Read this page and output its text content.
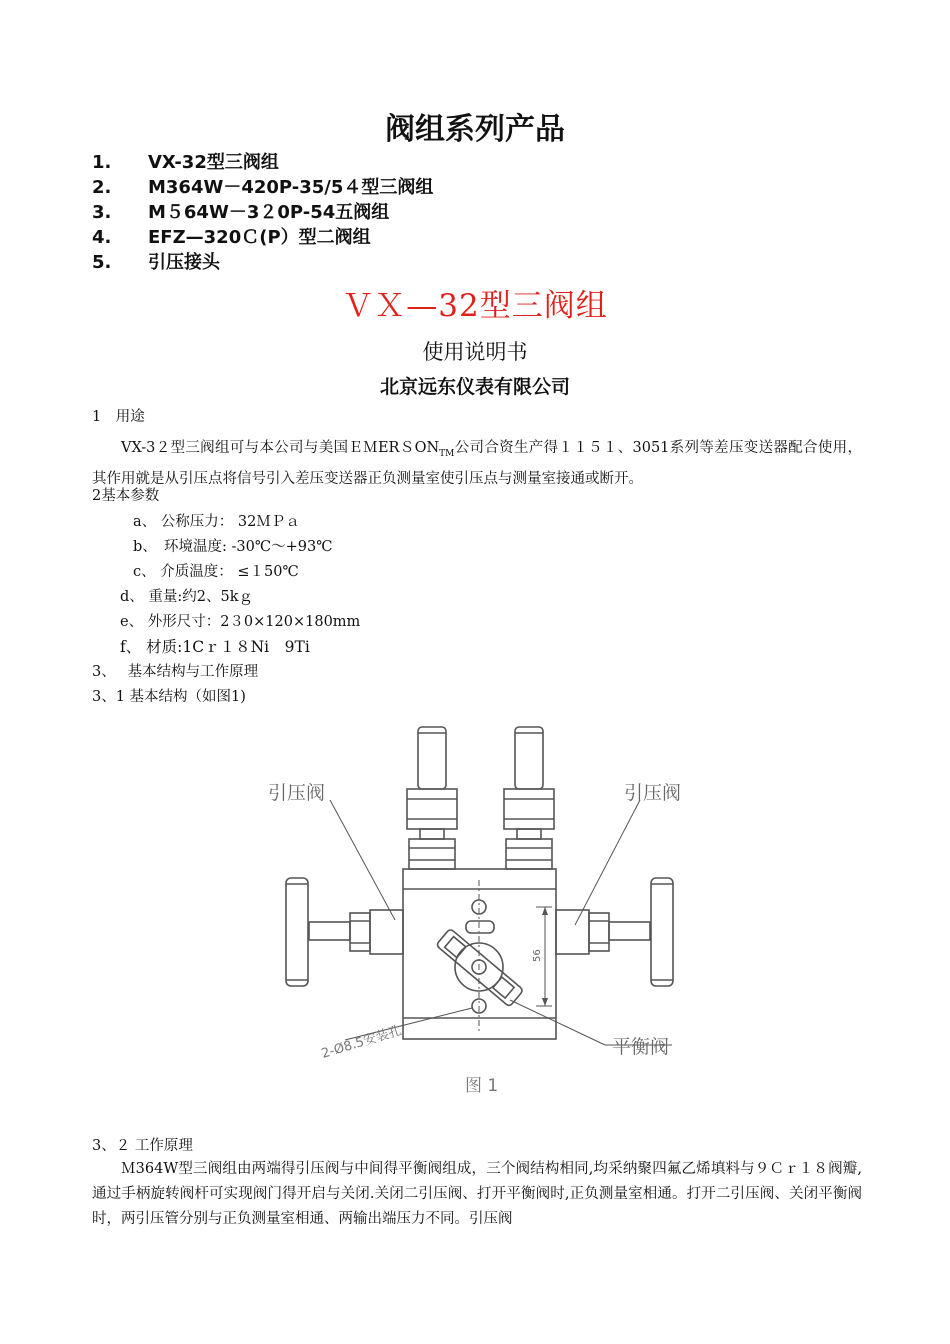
阀组系列产品
1. VX-32型三阀组
2. M364W－420P-35/5４型三阀组
3. M５64W－3２0P-54五阀组
4. EFZ—320Ｃ(P）型二阀组
5. 引压接头
ＶＸ—32型三阀组
使用说明书
北京远东仪表有限公司
1　用途
VX-3２型三阀组可与本公司与美国ＥＭERＳON$_{TM}$公司合资生产得１１５１、3051系列等差压变送器配合使用，其作用就是从引压点将信号引入差压变送器正负测量室使引压点与测量室接通或断开。
2基本参数
a、 公称压力： 32ＭＰａ
b、　环境温度: -30℃～+93℃
c、 介质温度： ≤１50℃
d、 重量:约2、5kｇ
e、 外形尺寸：2３0×120×180mm
f、 材质:1Cｒ１８Ni　9Ti
3、　 基本结构与工作原理
3、1 基本结构（如图1)
引压阀	引压阀
平衡阀
2-Ø8.5安装孔
56
图 1
3、２ 工作原理
Ｍ364W型三阀组由两端得引压阀与中间得平衡阀组成，三个阀结构相同,均采纳聚四氟乙烯填料与９Ｃｒ１８阀瓣,通过手柄旋转阀杆可实现阀门得开启与关闭.关闭二引压阀、打开平衡阀时,正负测量室相通。打开二引压阀、关闭平衡阀时，两引压管分别与正负测量室相通、两输出端压力不同。引压阀
